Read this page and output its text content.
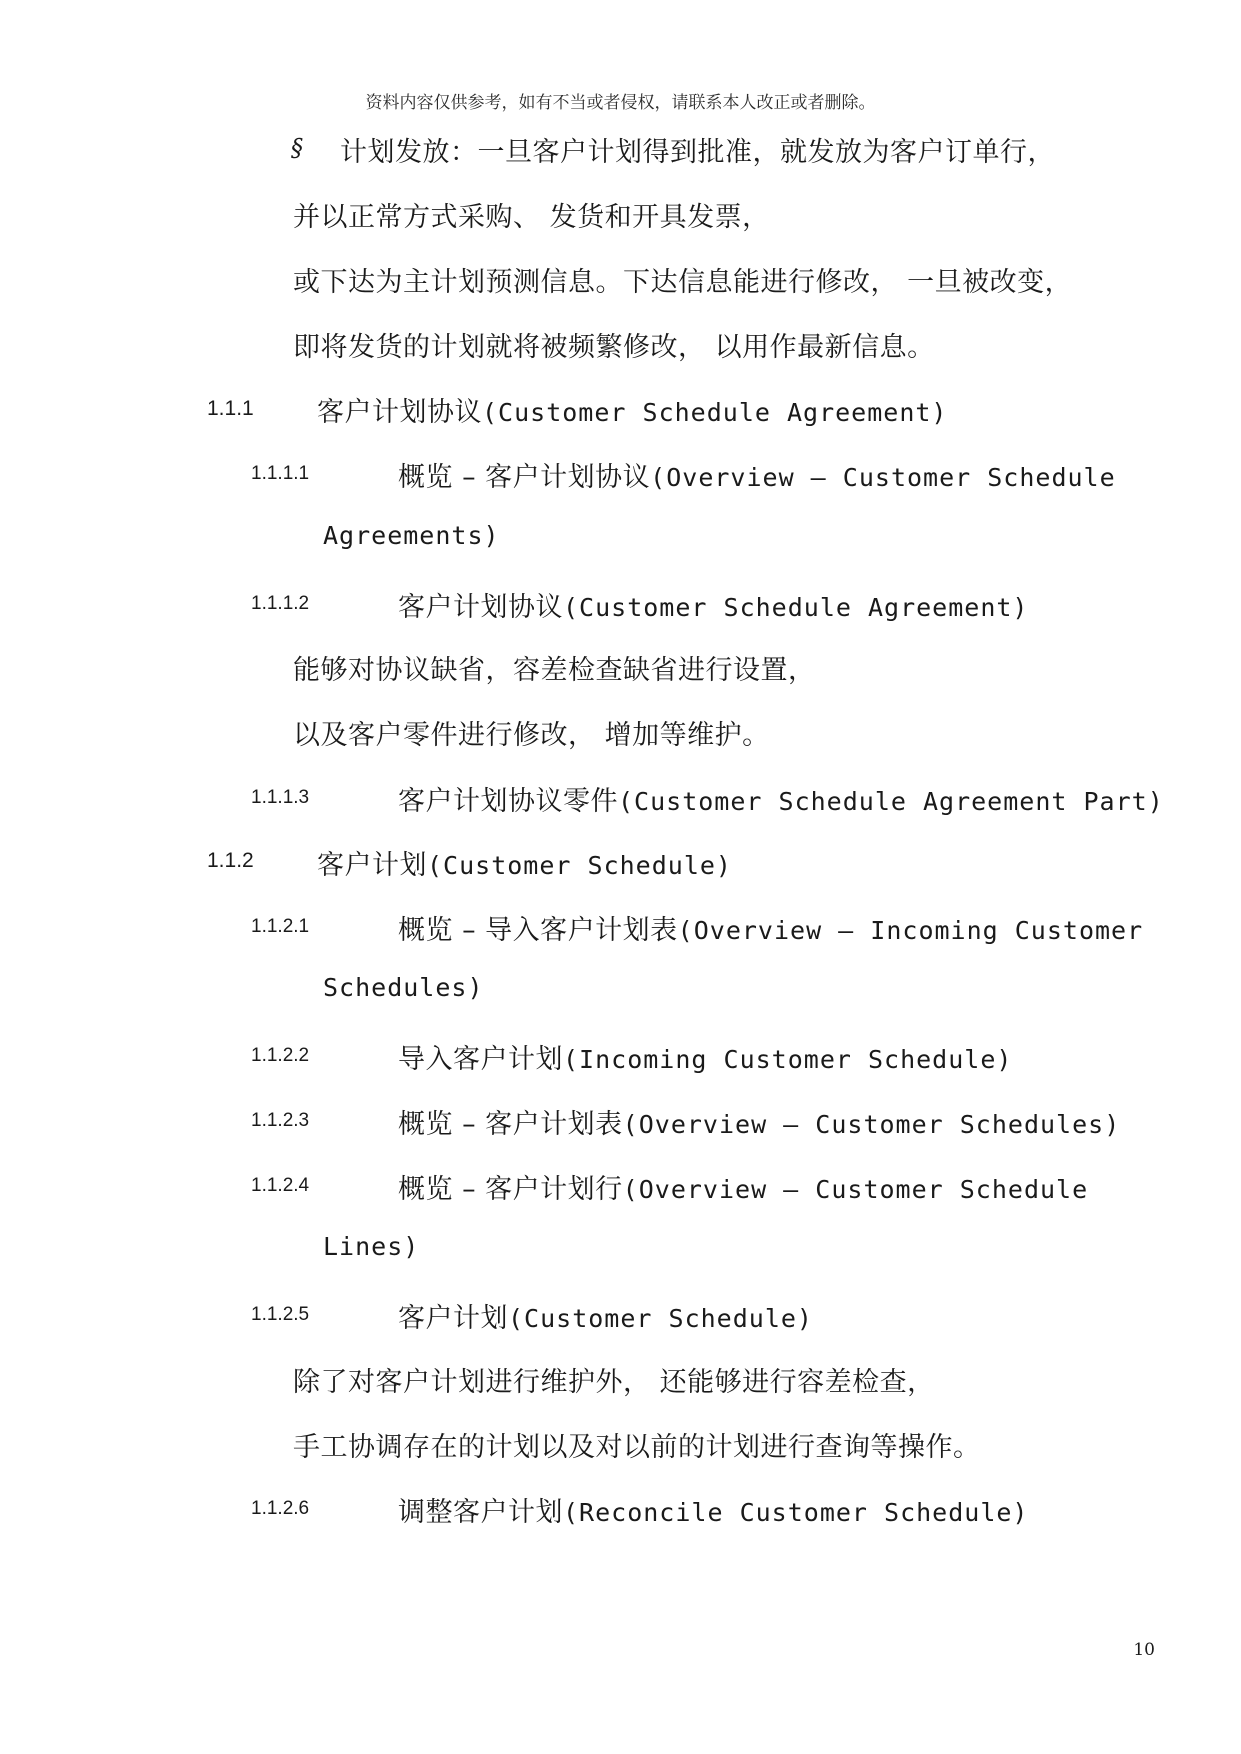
资料内容仅供参考，如有不当或者侵权，请联系本人改正或者删除。
§ 计划发放：一旦客户计划得到批准，就发放为客户订单行，
并以正常方式采购、 发货和开具发票，
或下达为主计划预测信息。下达信息能进行修改， 一旦被改变，
即将发货的计划就将被频繁修改， 以用作最新信息。
1.1.1 客户计划协议(Customer Schedule Agreement)
1.1.1.1	概览 – 客户计划协议(Overview – Customer Schedule
Agreements)
1.1.1.2	客户计划协议(Customer Schedule Agreement)
能够对协议缺省，容差检查缺省进行设置，
以及客户零件进行修改， 增加等维护。
1.1.1.3	客户计划协议零件(Customer Schedule Agreement Part)
1.1.2 客户计划(Customer Schedule)
1.1.2.1	概览 – 导入客户计划表(Overview – Incoming Customer
Schedules)
1.1.2.2	导入客户计划(Incoming Customer Schedule)
1.1.2.3	概览 – 客户计划表(Overview – Customer Schedules)
1.1.2.4	概览 – 客户计划行(Overview – Customer Schedule
Lines)
1.1.2.5	客户计划(Customer Schedule)
除了对客户计划进行维护外， 还能够进行容差检查，
手工协调存在的计划以及对以前的计划进行查询等操作。
1.1.2.6	调整客户计划(Reconcile Customer Schedule)
10
